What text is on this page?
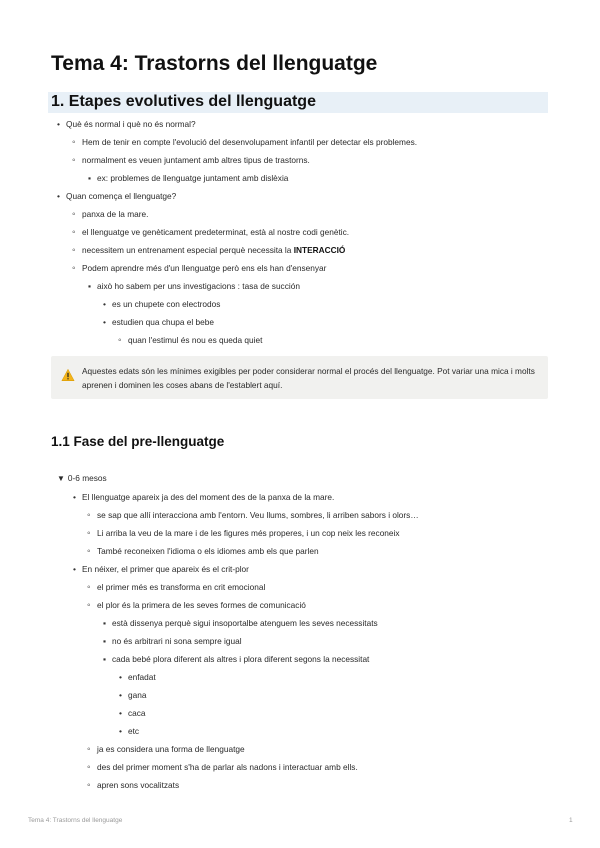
Tema 4: Trastorns del llenguatge
1. Etapes evolutives del llenguatge
•
Què és normal i què no és normal?
◦
Hem de tenir en compte l'evolució del desenvolupament infantil per detectar els problemes.
◦
normalment es veuen juntament amb altres tipus de trastorns.
▪
ex: problemes de llenguatge juntament amb dislèxia
•
Quan comença el llenguatge?
◦
panxa de la mare.
◦
el llenguatge ve genèticament predeterminat, està al nostre codi genètic.
◦
necessitem un entrenament especial perquè necessita la INTERACCIÓ
◦
Podem aprendre més d'un llenguatge però ens els han d'ensenyar
▪
això ho sabem per uns investigacions : tasa de succión
•
es un chupete con electrodos
•
estudien qua chupa el bebe
◦
quan l'estimul és nou es queda quiet
Aquestes edats són les mínimes exigibles per poder considerar normal el procés del llenguatge. Pot variar una mica i molts aprenen i dominen les coses abans de l'establert aquí.
1.1 Fase del pre-llenguatge
▼ 0-6 mesos
•
El llenguatge apareix ja des del moment des de la panxa de la mare.
◦
se sap que allí interacciona amb l'entorn. Veu llums, sombres, li arriben sabors i olors…
◦
Li arriba la veu de la mare i de les figures més properes, i un cop neix les reconeix
◦
També reconeixen l'idioma o els idiomes amb els que parlen
•
En néixer, el primer que apareix és el crit-plor
◦
el primer més es transforma en crit emocional
◦
el plor és la primera de les seves formes de comunicació
▪
està dissenya perquè sigui insoportalbe atenguem les seves necessitats
▪
no és arbitrari ni sona sempre igual
▪
cada bebé plora diferent als altres i plora diferent segons la necessitat
•
enfadat
•
gana
•
caca
•
etc
◦
ja es considera una forma de llenguatge
◦
des del primer moment s'ha de parlar als nadons i interactuar amb ells.
◦
apren sons vocalitzats
Tema 4: Trastorns del llenguatge	1
